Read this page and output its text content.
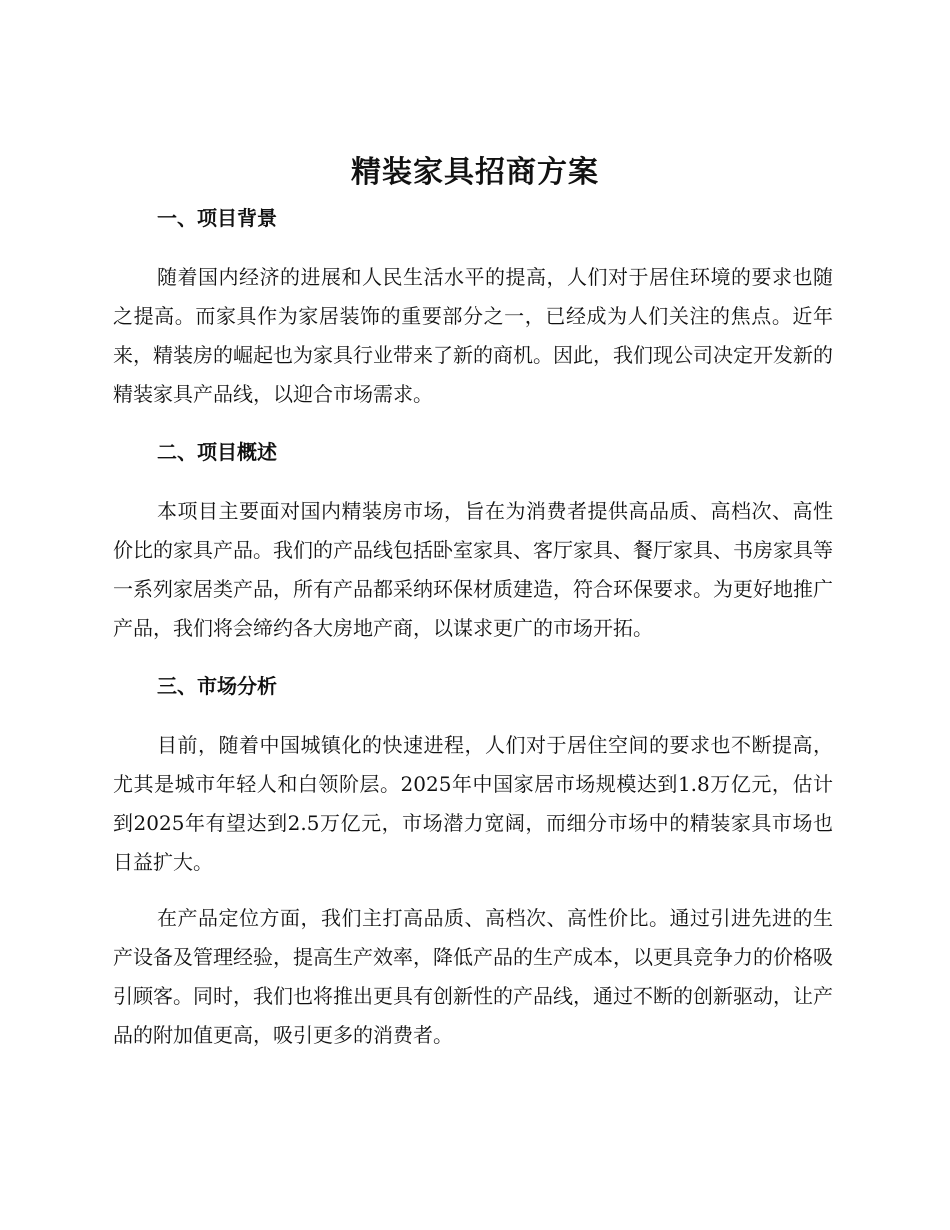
精装家具招商方案
一、项目背景

随着国内经济的进展和人民生活水平的提高，人们对于居住环境的要求也随之提高。而家具作为家居装饰的重要部分之一，已经成为人们关注的焦点。近年来，精装房的崛起也为家具行业带来了新的商机。因此，我们现公司决定开发新的精装家具产品线，以迎合市场需求。

二、项目概述

本项目主要面对国内精装房市场，旨在为消费者提供高品质、高档次、高性价比的家具产品。我们的产品线包括卧室家具、客厅家具、餐厅家具、书房家具等一系列家居类产品，所有产品都采纳环保材质建造，符合环保要求。为更好地推广产品，我们将会缔约各大房地产商，以谋求更广的市场开拓。

三、市场分析

目前，随着中国城镇化的快速进程，人们对于居住空间的要求也不断提高，尤其是城市年轻人和白领阶层。2025年中国家居市场规模达到1.8万亿元，估计到2025年有望达到2.5万亿元，市场潜力宽阔，而细分市场中的精装家具市场也日益扩大。

在产品定位方面，我们主打高品质、高档次、高性价比。通过引进先进的生产设备及管理经验，提高生产效率，降低产品的生产成本，以更具竞争力的价格吸引顾客。同时，我们也将推出更具有创新性的产品线，通过不断的创新驱动，让产品的附加值更高，吸引更多的消费者。
